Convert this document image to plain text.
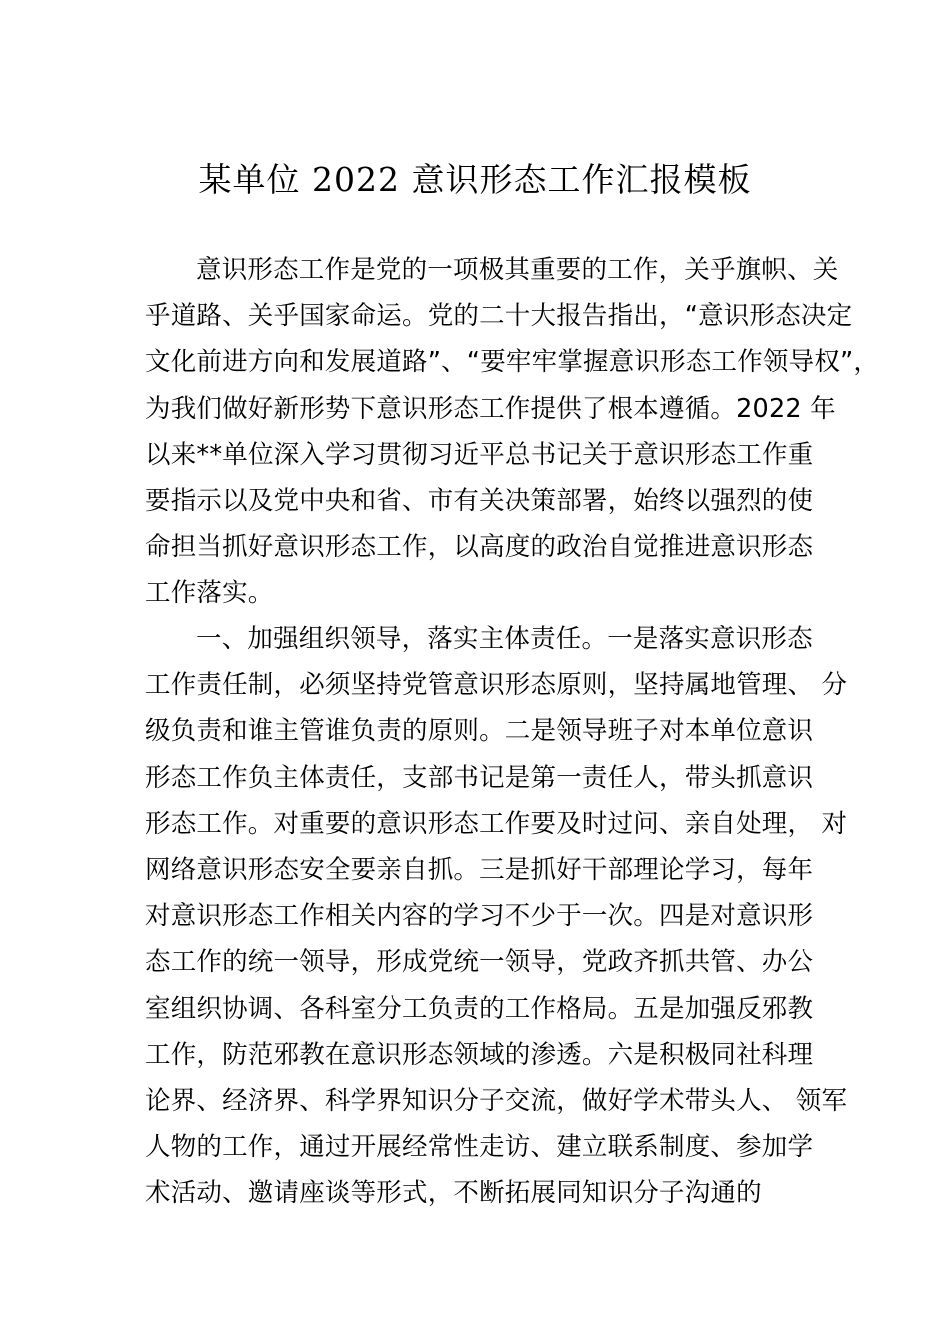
某单位 2022 意识形态工作汇报模板
意识形态工作是党的一项极其重要的工作，关乎旗帜、关
乎道路、关乎国家命运。党的二十大报告指出，“意识形态决定
文化前进方向和发展道路”、“要牢牢掌握意识形态工作领导权”，
为我们做好新形势下意识形态工作提供了根本遵循。2022 年
以来**单位深入学习贯彻习近平总书记关于意识形态工作重
要指示以及党中央和省、市有关决策部署，始终以强烈的使
命担当抓好意识形态工作，以高度的政治自觉推进意识形态
工作落实。
一、加强组织领导，落实主体责任。一是落实意识形态
工作责任制，必须坚持党管意识形态原则，坚持属地管理、 分
级负责和谁主管谁负责的原则。二是领导班子对本单位意识
形态工作负主体责任，支部书记是第一责任人，带头抓意识
形态工作。对重要的意识形态工作要及时过问、亲自处理， 对
网络意识形态安全要亲自抓。三是抓好干部理论学习，每年
对意识形态工作相关内容的学习不少于一次。四是对意识形
态工作的统一领导，形成党统一领导，党政齐抓共管、办公
室组织协调、各科室分工负责的工作格局。五是加强反邪教
工作，防范邪教在意识形态领域的渗透。六是积极同社科理
论界、经济界、科学界知识分子交流，做好学术带头人、 领军
人物的工作，通过开展经常性走访、建立联系制度、参加学
术活动、邀请座谈等形式，不断拓展同知识分子沟通的
